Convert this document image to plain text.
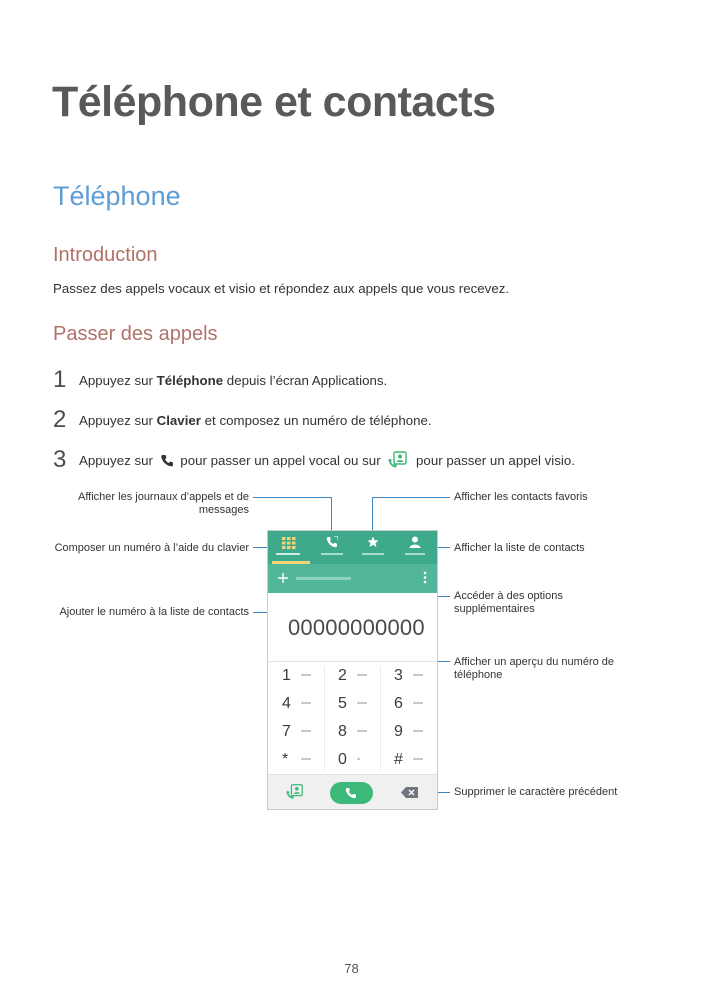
Téléphone et contacts
Téléphone
Introduction
Passez des appels vocaux et visio et répondez aux appels que vous recevez.
Passer des appels
1 Appuyez sur Téléphone depuis l’écran Applications.
2 Appuyez sur Clavier et composez un numéro de téléphone.
3 Appuyez sur pour passer un appel vocal ou sur pour passer un appel visio.
Afficher les journaux d’appels et de messages
Composer un numéro à l’aide du clavier
Ajouter le numéro à la liste de contacts
Afficher les contacts favoris
Afficher la liste de contacts
Accéder à des options supplémentaires
Afficher un aperçu du numéro de téléphone
Supprimer le caractère précédent
00000000000
1	2	3
4	5	6
7	8	9
*	0	#
78
